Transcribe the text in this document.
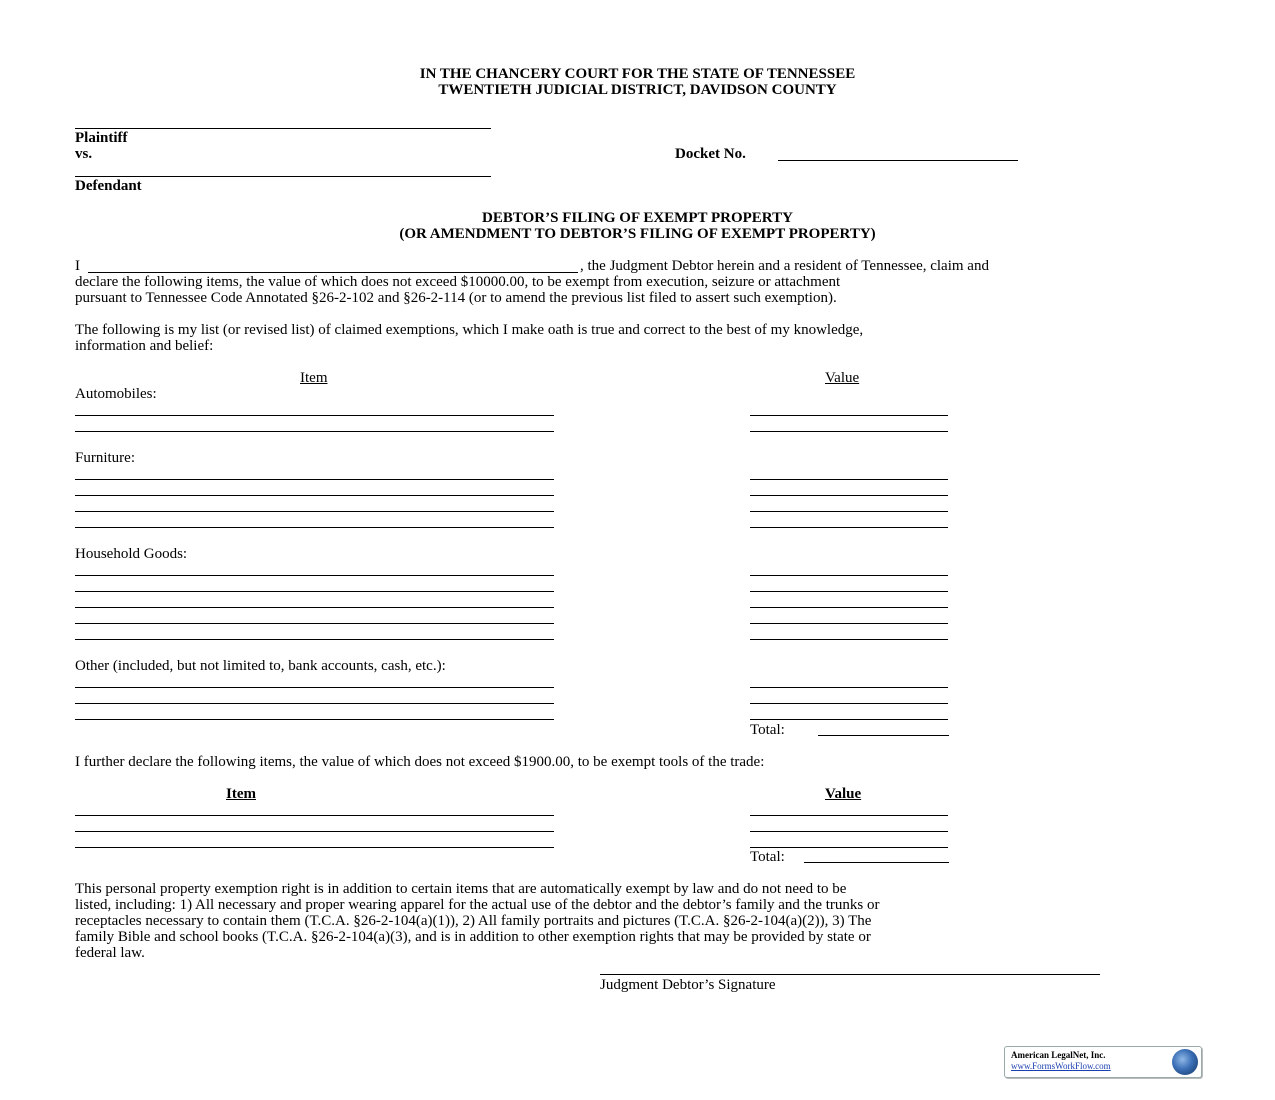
IN THE CHANCERY COURT FOR THE STATE OF TENNESSEE
TWENTIETH JUDICIAL DISTRICT, DAVIDSON COUNTY
Plaintiff
vs.	Docket No.
Defendant
DEBTOR’S FILING OF EXEMPT PROPERTY
(OR AMENDMENT TO DEBTOR’S FILING OF EXEMPT PROPERTY)
I	, the Judgment Debtor herein and a resident of Tennessee, claim and
declare the following items, the value of which does not exceed $10000.00, to be exempt from execution, seizure or attachment
pursuant to Tennessee Code Annotated §26-2-102 and §26-2-114 (or to amend the previous list filed to assert such exemption).
The following is my list (or revised list) of claimed exemptions, which I make oath is true and correct to the best of my knowledge,
information and belief:
Item	Value
Automobiles:
Furniture:
Household Goods:
Other (included, but not limited to, bank accounts, cash, etc.):
Total:
I further declare the following items, the value of which does not exceed $1900.00, to be exempt tools of the trade:
Item	Value
Total:
This personal property exemption right is in addition to certain items that are automatically exempt by law and do not need to be
listed, including: 1) All necessary and proper wearing apparel for the actual use of the debtor and the debtor’s family and the trunks or
receptacles necessary to contain them (T.C.A. §26-2-104(a)(1)), 2) All family portraits and pictures (T.C.A. §26-2-104(a)(2)), 3) The
family Bible and school books (T.C.A. §26-2-104(a)(3), and is in addition to other exemption rights that may be provided by state or
federal law.
Judgment Debtor’s Signature
American LegalNet, Inc.
www.FormsWorkFlow.com
